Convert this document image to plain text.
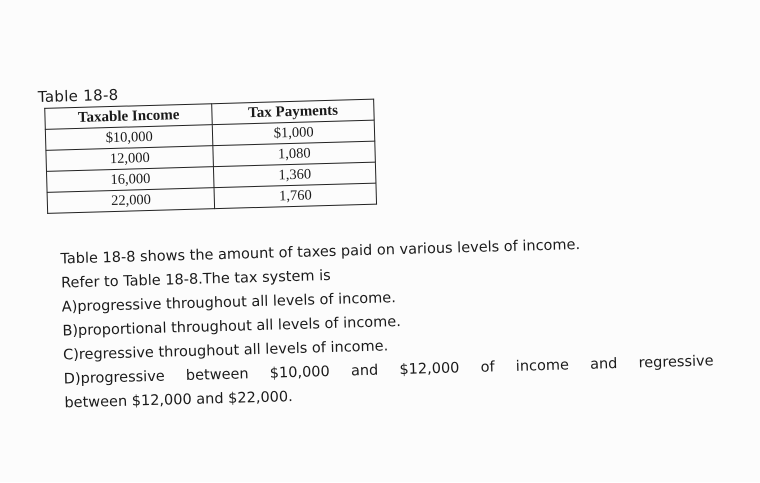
Table 18-8
Taxable Income	Tax Payments
$10,000	$1,000
12,000	1,080
16,000	1,360
22,000	1,760

Table 18-8 shows the amount of taxes paid on various levels of income.

Refer to Table 18-8.The tax system is

A)progressive throughout all levels of income.

B)proportional throughout all levels of income.

C)regressive throughout all levels of income.

D)progressive between $10,000 and $12,000 of income and regressive

between $12,000 and $22,000.
